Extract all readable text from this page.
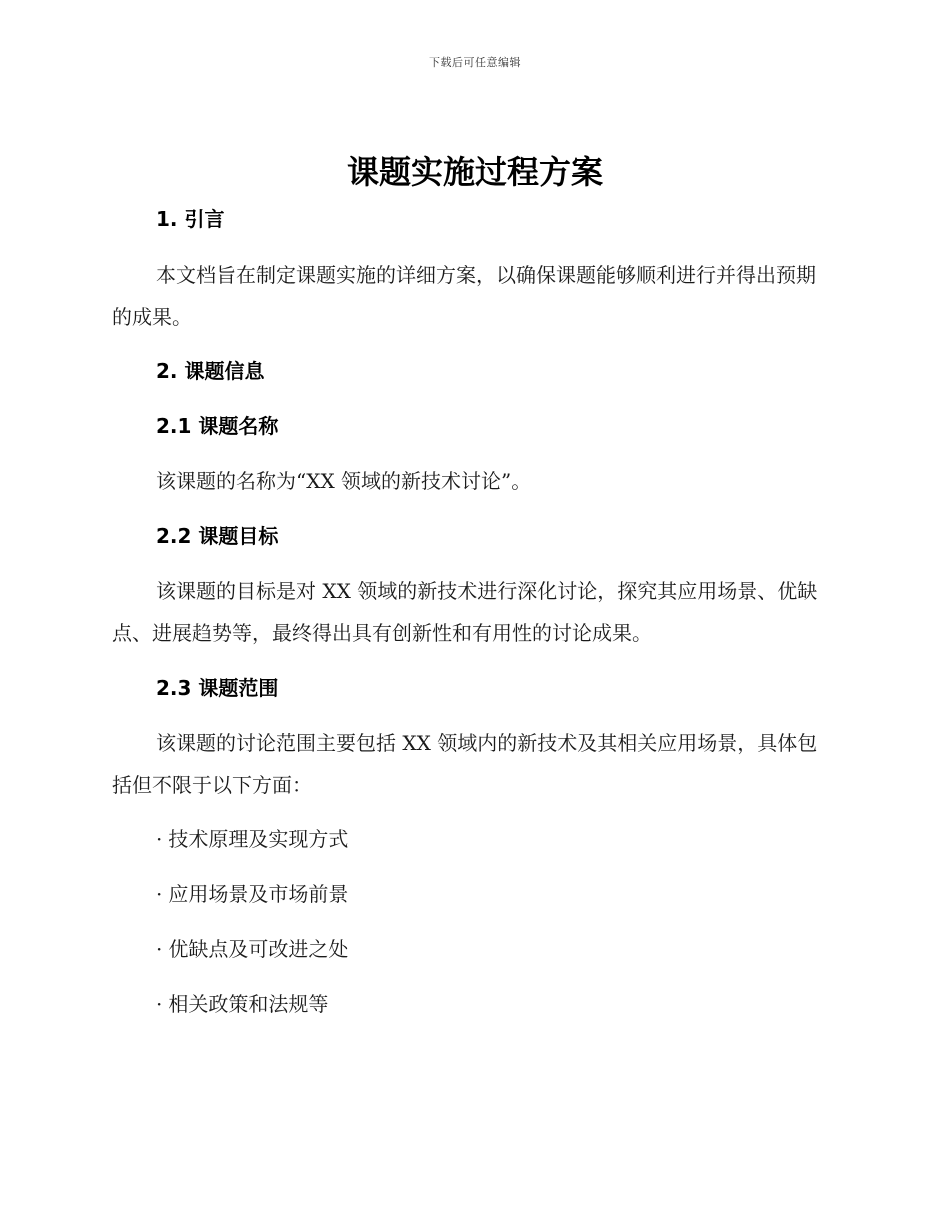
下载后可任意编辑
课题实施过程方案
1. 引言

本文档旨在制定课题实施的详细方案，以确保课题能够顺利进行并得出预期的成果。

2. 课题信息
2.1 课题名称

该课题的名称为“XX 领域的新技术讨论”。

2.2 课题目标

该课题的目标是对 XX 领域的新技术进行深化讨论，探究其应用场景、优缺点、进展趋势等，最终得出具有创新性和有用性的讨论成果。

2.3 课题范围

该课题的讨论范围主要包括 XX 领域内的新技术及其相关应用场景，具体包括但不限于以下方面：

· 技术原理及实现方式

· 应用场景及市场前景

· 优缺点及可改进之处

· 相关政策和法规等
